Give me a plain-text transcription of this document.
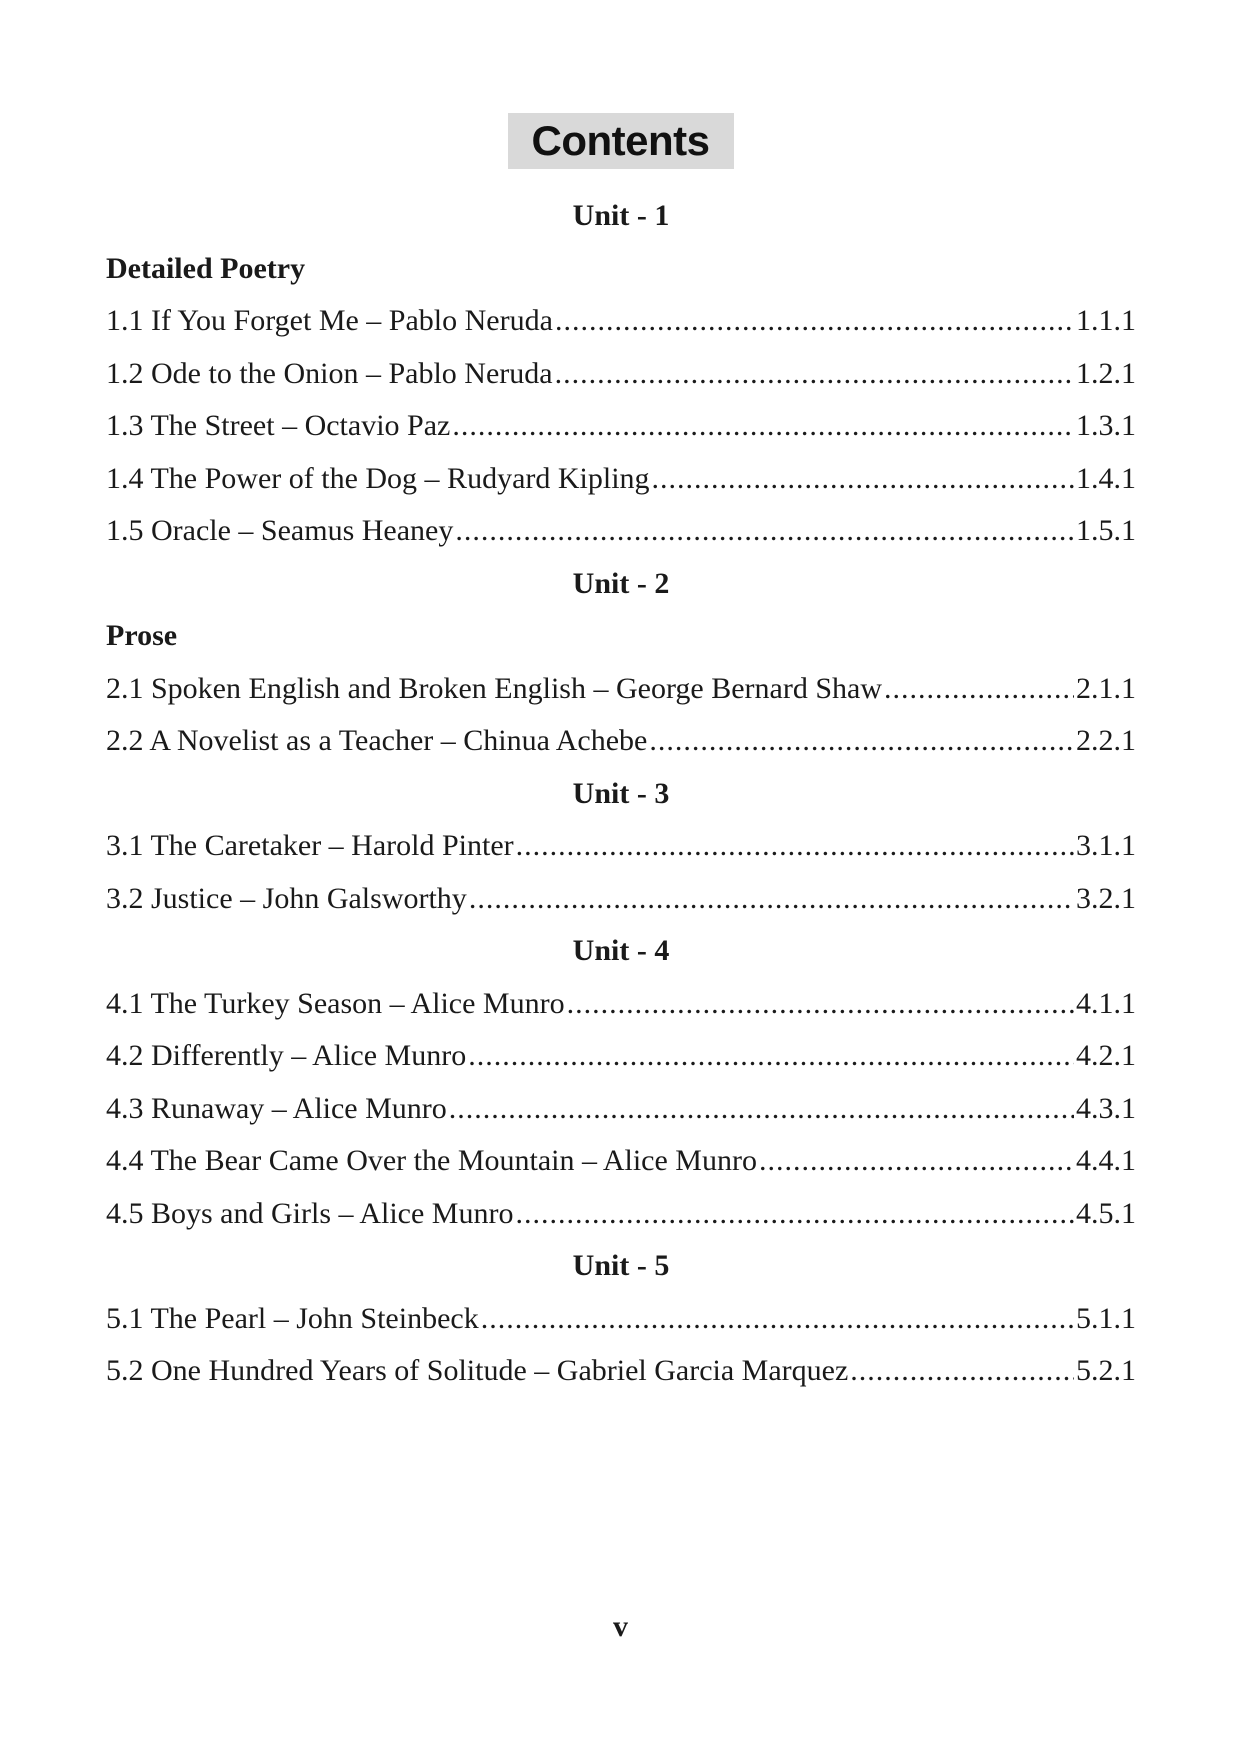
Contents
Unit - 1
Detailed Poetry
1.1 If You Forget Me – Pablo Neruda .....	1.1.1
1.2 Ode to the Onion – Pablo Neruda .....	1.2.1
1.3 The Street – Octavio Paz .....	1.3.1
1.4 The Power of the Dog – Rudyard Kipling .....	1.4.1
1.5 Oracle – Seamus Heaney .....	1.5.1
Unit - 2
Prose
2.1 Spoken English and Broken English – George Bernard Shaw .....	2.1.1
2.2 A Novelist as a Teacher – Chinua Achebe .....	2.2.1
Unit - 3
3.1 The Caretaker – Harold Pinter .....	3.1.1
3.2 Justice – John Galsworthy .....	3.2.1
Unit - 4
4.1 The Turkey Season – Alice Munro .....	4.1.1
4.2 Differently – Alice Munro .....	4.2.1
4.3 Runaway – Alice Munro .....	4.3.1
4.4 The Bear Came Over the Mountain – Alice Munro .....	4.4.1
4.5 Boys and Girls – Alice Munro .....	4.5.1
Unit - 5
5.1 The Pearl – John Steinbeck .....	5.1.1
5.2 One Hundred Years of Solitude – Gabriel Garcia Marquez .....	5.2.1
v
